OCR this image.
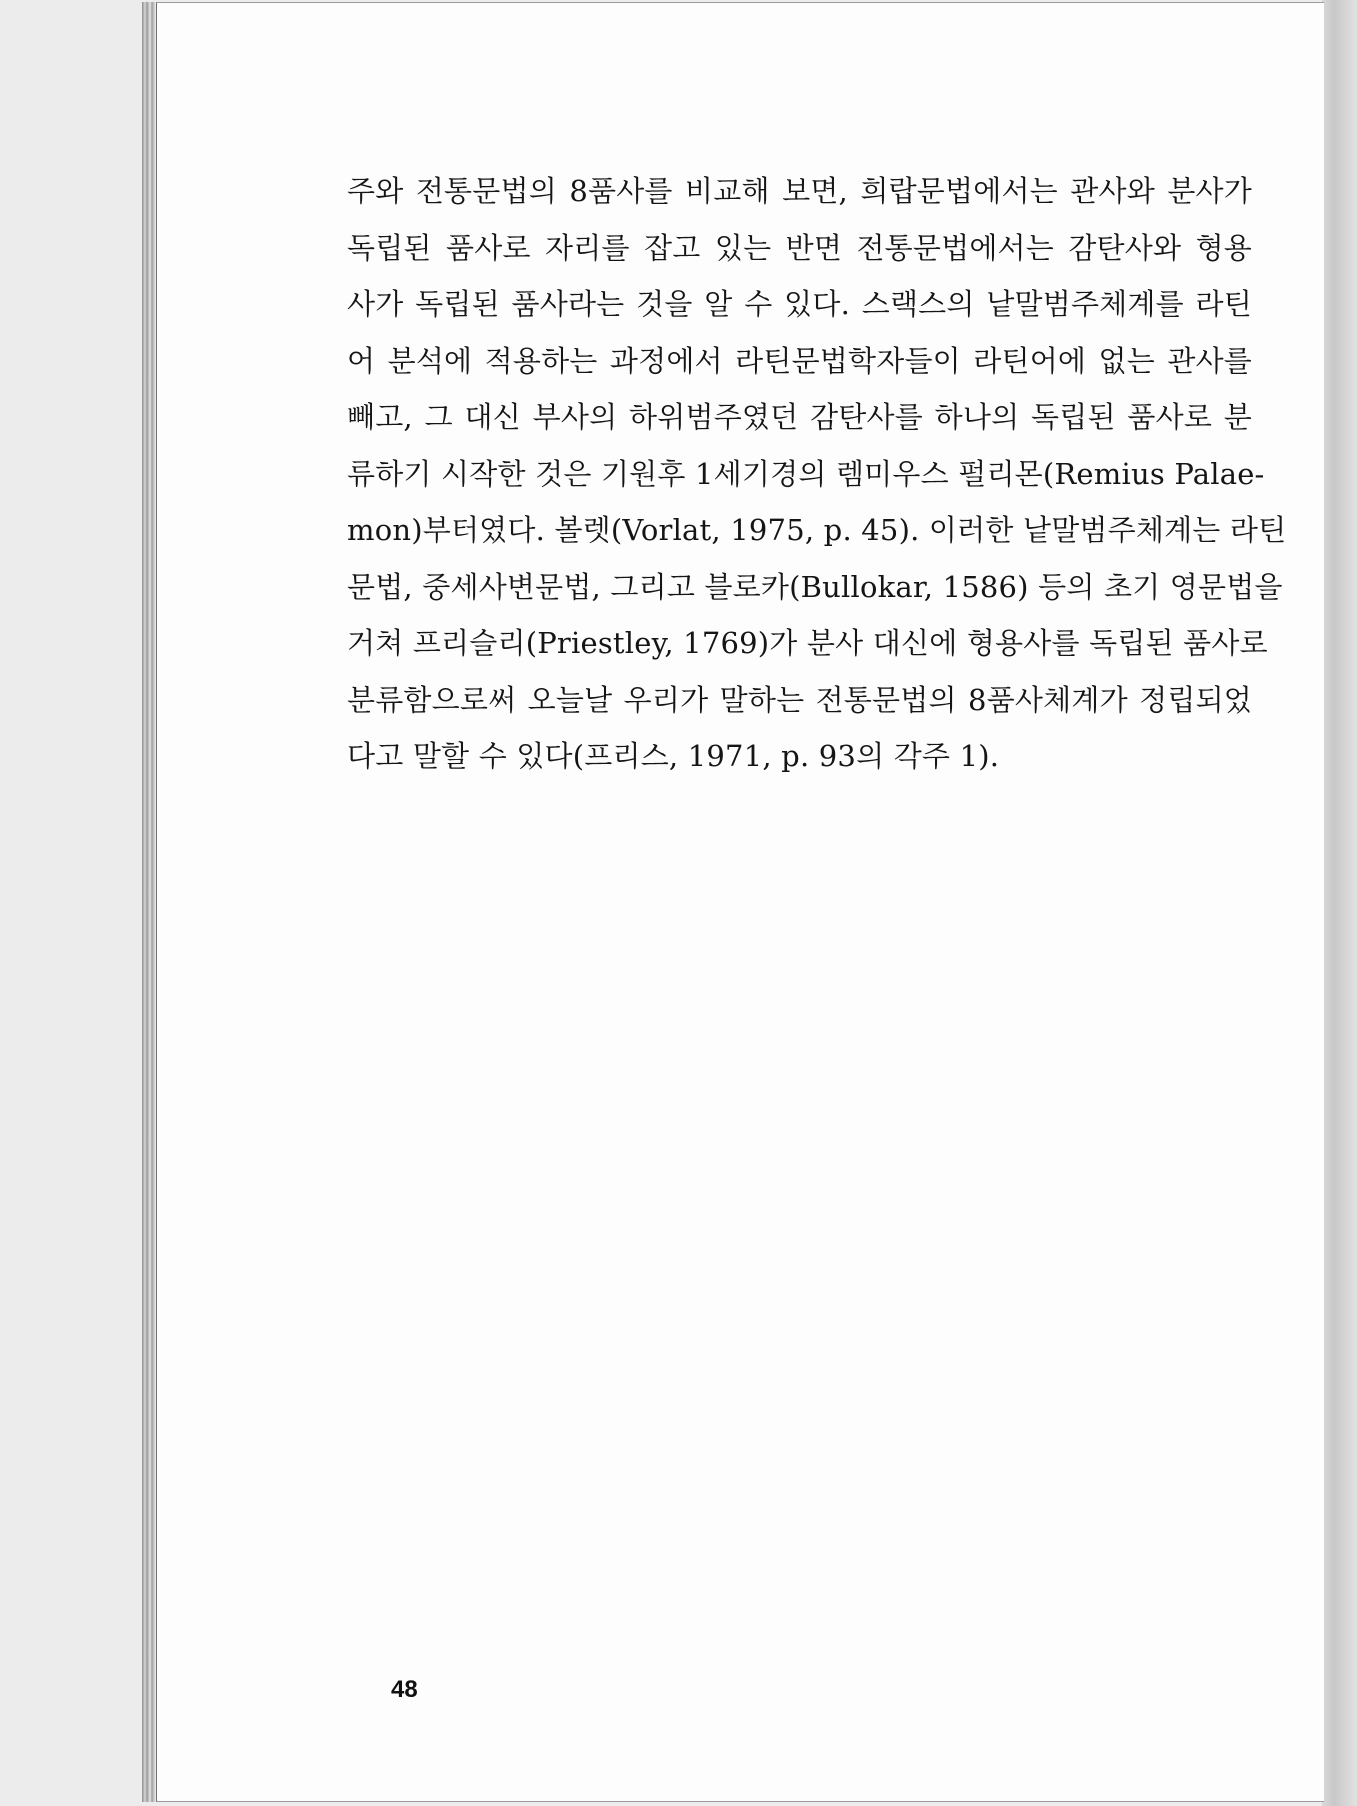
주와 전통문법의 8품사를 비교해 보면, 희랍문법에서는 관사와 분사가
독립된 품사로 자리를 잡고 있는 반면 전통문법에서는 감탄사와 형용
사가 독립된 품사라는 것을 알 수 있다. 스랙스의 낱말범주체계를 라틴
어 분석에 적용하는 과정에서 라틴문법학자들이 라틴어에 없는 관사를
빼고, 그 대신 부사의 하위범주였던 감탄사를 하나의 독립된 품사로 분
류하기 시작한 것은 기원후 1세기경의 렘미우스 펄리몬(Remius Palae-
mon)부터였다. 볼렛(Vorlat, 1975, p. 45). 이러한 낱말범주체계는 라틴
문법, 중세사변문법, 그리고 블로카(Bullokar, 1586) 등의 초기 영문법을
거쳐 프리슬리(Priestley, 1769)가 분사 대신에 형용사를 독립된 품사로
분류함으로써 오늘날 우리가 말하는 전통문법의 8품사체계가 정립되었
다고 말할 수 있다(프리스, 1971, p. 93의 각주 1).

48
